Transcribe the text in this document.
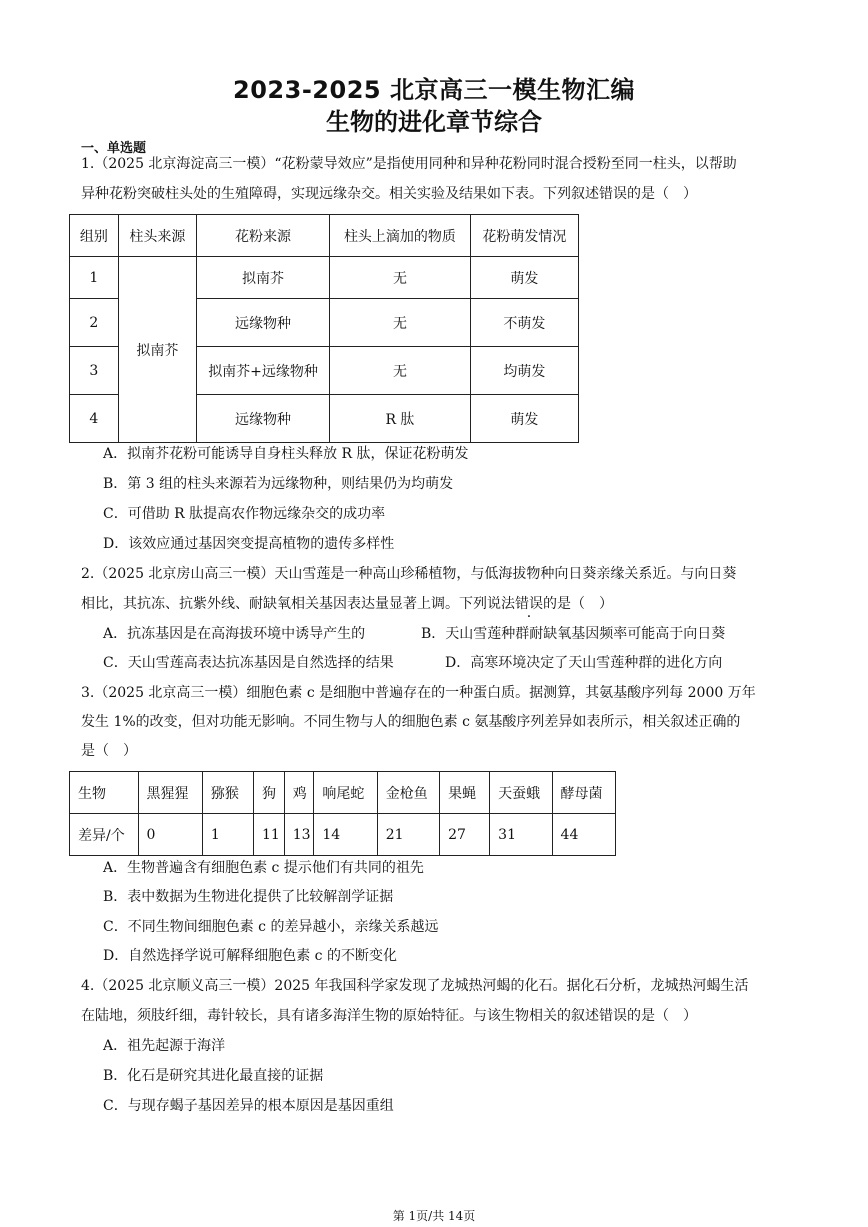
2023-2025 北京高三一模生物汇编
生物的进化章节综合
一、单选题
1.（2025 北京海淀高三一模）“花粉蒙导效应”是指使用同种和异种花粉同时混合授粉至同一柱头，以帮助
异种花粉突破柱头处的生殖障碍，实现远缘杂交。相关实验及结果如下表。下列叙述错误的是（　）
组别	柱头来源	花粉来源	柱头上滴加的物质	花粉萌发情况
1	拟南芥	拟南芥	无	萌发
2		远缘物种	无	不萌发
3		拟南芥+远缘物种	无	均萌发
4		远缘物种	R 肽	萌发
A．拟南芥花粉可能诱导自身柱头释放 R 肽，保证花粉萌发
B．第 3 组的柱头来源若为远缘物种，则结果仍为均萌发
C．可借助 R 肽提高农作物远缘杂交的成功率
D．该效应通过基因突变提高植物的遗传多样性
2.（2025 北京房山高三一模）天山雪莲是一种高山珍稀植物，与低海拔物种向日葵亲缘关系近。与向日葵
相比，其抗冻、抗紫外线、耐缺氧相关基因表达量显著上调。下列说法错误的是（　）
A．抗冻基因是在高海拔环境中诱导产生的	B．天山雪莲种群耐缺氧基因频率可能高于向日葵
C．天山雪莲高表达抗冻基因是自然选择的结果	D．高寒环境决定了天山雪莲种群的进化方向
3.（2025 北京高三一模）细胞色素 c 是细胞中普遍存在的一种蛋白质。据测算，其氨基酸序列每 2000 万年
发生 1%的改变，但对功能无影响。不同生物与人的细胞色素 c 氨基酸序列差异如表所示，相关叙述正确的
是（　）
生物	黑猩猩	猕猴	狗	鸡	响尾蛇	金枪鱼	果蝇	天蚕蛾	酵母菌
差异/个	0	1	11	13	14	21	27	31	44
A．生物普遍含有细胞色素 c 提示他们有共同的祖先
B．表中数据为生物进化提供了比较解剖学证据
C．不同生物间细胞色素 c 的差异越小，亲缘关系越远
D．自然选择学说可解释细胞色素 c 的不断变化
4.（2025 北京顺义高三一模）2025 年我国科学家发现了龙城热河蝎的化石。据化石分析，龙城热河蝎生活
在陆地，须肢纤细，毒针较长，具有诸多海洋生物的原始特征。与该生物相关的叙述错误的是（　）
A．祖先起源于海洋
B．化石是研究其进化最直接的证据
C．与现存蝎子基因差异的根本原因是基因重组
第 1页/共 14页
